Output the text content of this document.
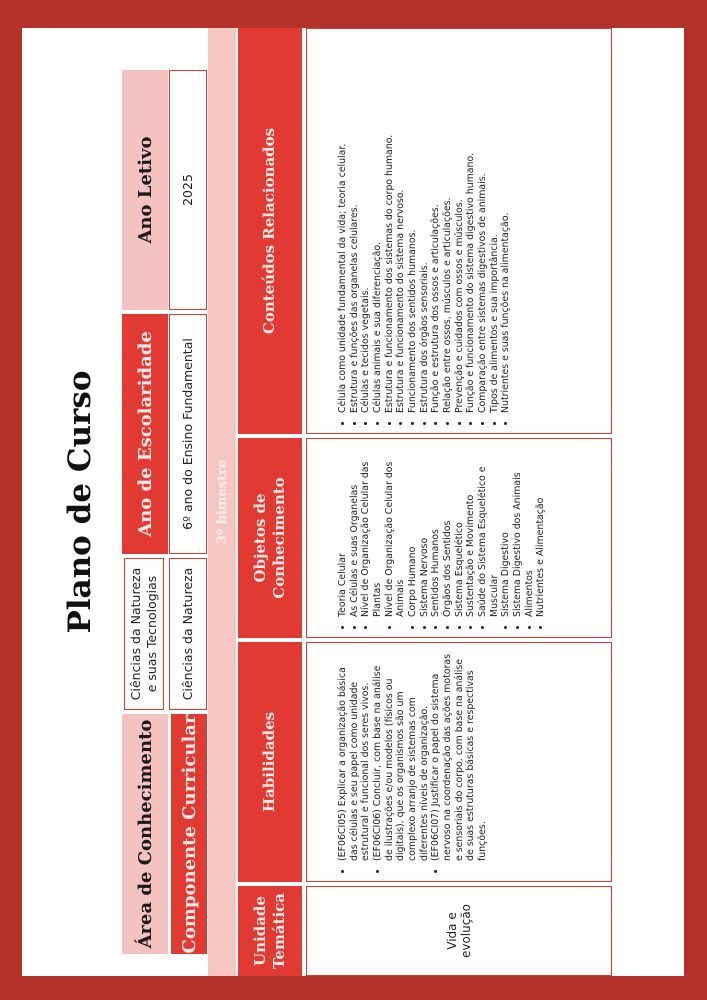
Plano de Curso
Área de Conhecimento
Ciências da Natureza e suas Tecnologias
Ano de Escolaridade
Ano Letivo
Componente Curricular
Ciências da Natureza
6º ano do Ensino Fundamental
2025
3º bimestre
Unidade Temática
Habilidades
Objetos de Conhecimento
Conteúdos Relacionados
Vida e evolução
• (EF06CI05) Explicar a organização básica das células e seu papel como unidade estrutural e funcional dos seres vivos. • (EF06CI06) Concluir, com base na análise de ilustrações e/ou modelos (físicos ou digitais), que os organismos são um complexo arranjo de sistemas com diferentes níveis de organização. • (EF06CI07) Justificar o papel do sistema nervoso na coordenação das ações motoras e sensoriais do corpo, com base na análise de suas estruturas básicas e respectivas funções.
• Teoria Celular • As Células e suas Organelas • Nível de Organização Celular das Plantas • Nível de Organização Celular dos Animais • Corpo Humano • Sistema Nervoso • Sentidos Humanos • Órgãos dos Sentidos • Sistema Esquelético • Sustentação e Movimento • Saúde do Sistema Esquelético e Muscular • Sistema Digestivo • Sistema Digestivo dos Animais • Alimentos • Nutrientes e Alimentação
• Célula como unidade fundamental da vida; teoria celular. • Estrutura e funções das organelas celulares. • Células e tecidos vegetais. • Células animais e sua diferenciação. • Estrutura e funcionamento dos sistemas do corpo humano. • Estrutura e funcionamento do sistema nervoso. • Funcionamento dos sentidos humanos. • Estrutura dos órgãos sensoriais. • Função e estrutura dos ossos e articulações. • Relação entre ossos, músculos e articulações. • Prevenção e cuidados com ossos e músculos. • Função e funcionamento do sistema digestivo humano. • Comparação entre sistemas digestivos de animais. • Tipos de alimentos e sua importância. • Nutrientes e suas funções na alimentação.
